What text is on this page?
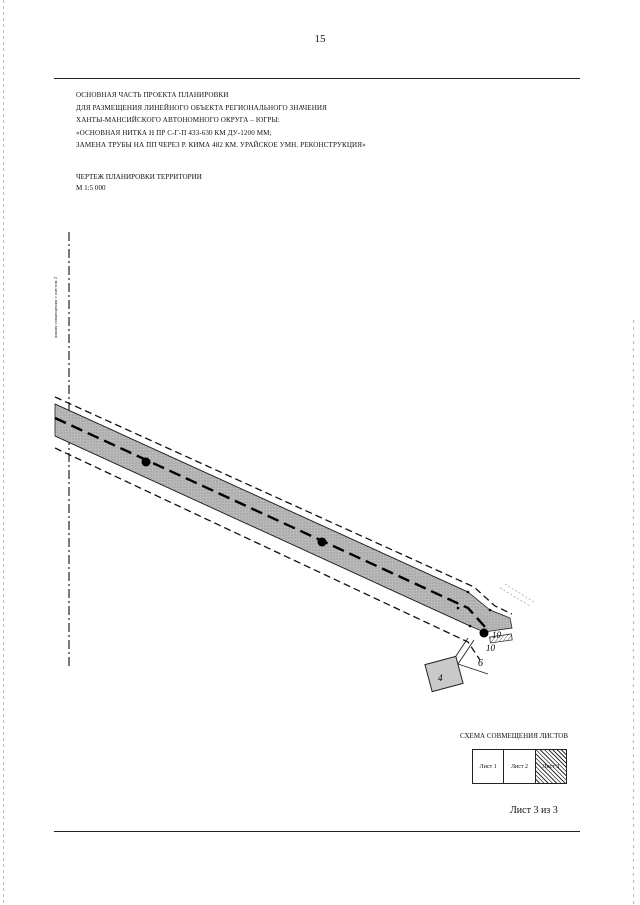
15
ОСНОВНАЯ ЧАСТЬ ПРОЕКТА ПЛАНИРОВКИ
ДЛЯ РАЗМЕЩЕНИЯ ЛИНЕЙНОГО ОБЪЕКТА РЕГИОНАЛЬНОГО ЗНАЧЕНИЯ
ХАНТЫ-МАНСИЙСКОГО АВТОНОМНОГО ОКРУГА – ЮГРЫ:
«ОСНОВНАЯ НИТКА Н ПР С-Г-П 433-630 КМ ДУ-1200 ММ;
ЗАМЕНА ТРУБЫ НА ПП ЧЕРЕЗ Р. КИМА 482 КМ. УРАЙСКОЕ УМН. РЕКОНСТРУКЦИЯ»
ЧЕРТЕЖ ПЛАНИРОВКИ ТЕРРИТОРИИ
М 1:5 000
линия совмещения с листом 2
10
10
6
4
СХЕМА СОВМЕЩЕНИЯ ЛИСТОВ
Лист 1	Лист 2	Лист 3
Лист 3 из 3
